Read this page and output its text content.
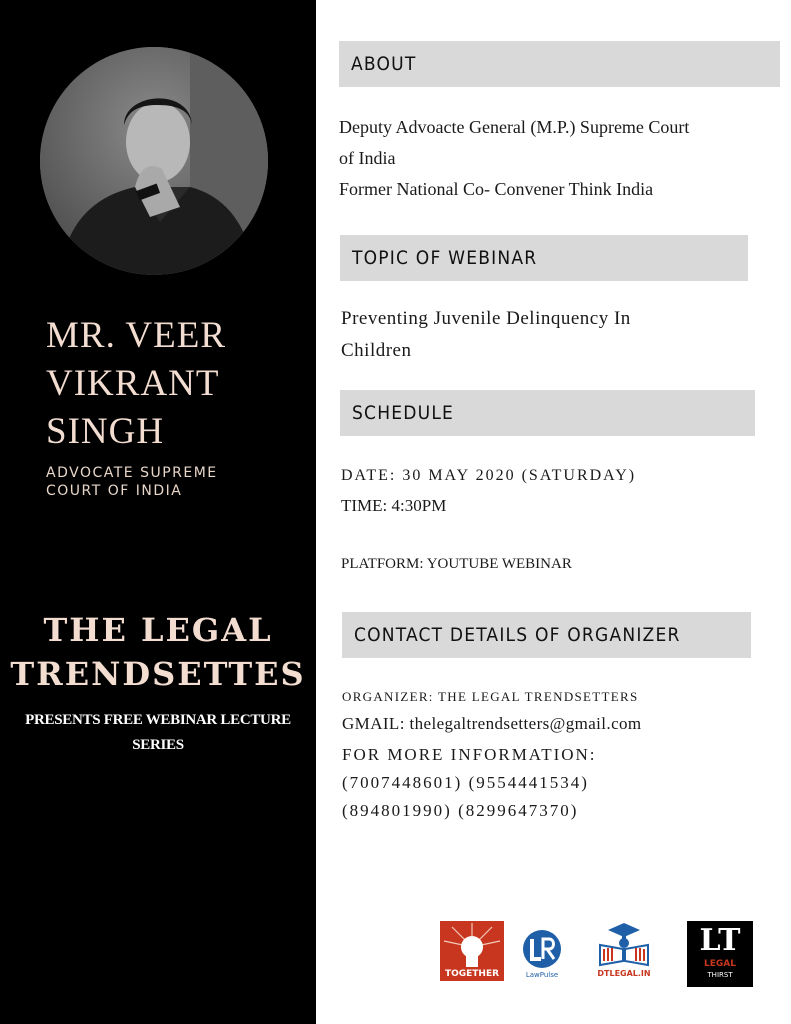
MR. VEER
VIKRANT
SINGH
ADVOCATE SUPREME
COURT OF INDIA
THE LEGAL
TRENDSETTES
PRESENTS FREE WEBINAR LECTURE
SERIES
ABOUT
Deputy Advoacte General (M.P.) Supreme Court
of India
Former National Co- Convener Think India
TOPIC OF WEBINAR
Preventing Juvenile Delinquency In
Children
SCHEDULE
DATE: 30 MAY 2020 (SATURDAY)
TIME: 4:30PM
PLATFORM: YOUTUBE WEBINAR
CONTACT DETAILS OF ORGANIZER
ORGANIZER: THE LEGAL TRENDSETTERS
GMAIL: thelegaltrendsetters@gmail.com
FOR MORE INFORMATION:
(7007448601) (9554441534)
(894801990) (8299647370)
TOGETHER	LawPulse	DTLEGAL.IN
LT
LEGAL
THIRST
